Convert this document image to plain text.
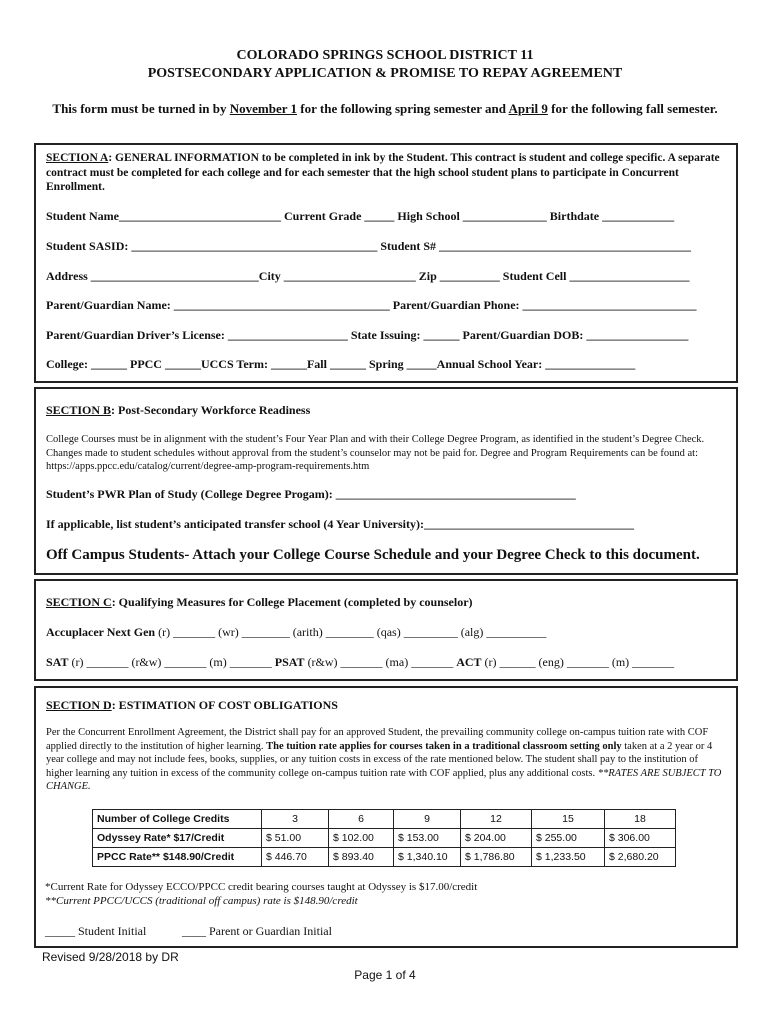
COLORADO SPRINGS SCHOOL DISTRICT 11
POSTSECONDARY APPLICATION & PROMISE TO REPAY AGREEMENT
This form must be turned in by November 1 for the following spring semester and April 9 for the following fall semester.
SECTION A: GENERAL INFORMATION to be completed in ink by the Student. This contract is student and college specific. A separate contract must be completed for each college and for each semester that the high school student plans to participate in Concurrent Enrollment.
Student Name___________________________ Current Grade _____ High School ______________ Birthdate ____________
Student SASID: _________________________________________ Student S# __________________________________________
Address ____________________________City ______________________ Zip __________ Student Cell ____________________
Parent/Guardian Name: ____________________________________ Parent/Guardian Phone: _____________________________
Parent/Guardian Driver’s License: ____________________ State Issuing: ______ Parent/Guardian DOB: _________________
College: ______ PPCC ______UCCS Term: ______Fall ______ Spring _____Annual School Year: _______________
SECTION B: Post-Secondary Workforce Readiness
College Courses must be in alignment with the student’s Four Year Plan and with their College Degree Program, as identified in the student’s Degree Check. Changes made to student schedules without approval from the student’s counselor may not be paid for. Degree and Program Requirements can be found at: https://apps.ppcc.edu/catalog/current/degree-amp-program-requirements.htm
Student’s PWR Plan of Study (College Degree Progam): ________________________________________
If applicable, list student’s anticipated transfer school (4 Year University):___________________________________
Off Campus Students- Attach your College Course Schedule and your Degree Check to this document.
SECTION C: Qualifying Measures for College Placement (completed by counselor)
Accuplacer Next Gen (r) _______ (wr) ________ (arith) ________ (qas) _________ (alg) __________
SAT (r) _______ (r&w) _______ (m) _______ PSAT (r&w) _______ (ma) _______ ACT (r) ______ (eng) _______ (m) _______
SECTION D: ESTIMATION OF COST OBLIGATIONS
Per the Concurrent Enrollment Agreement, the District shall pay for an approved Student, the prevailing community college on-campus tuition rate with COF applied directly to the institution of higher learning. The tuition rate applies for courses taken in a traditional classroom setting only taken at a 2 year or 4 year college and may not include fees, books, supplies, or any tuition costs in excess of the rate mentioned below. The student shall pay to the institution of higher learning any tuition in excess of the community college on-campus tuition rate with COF applied, plus any additional costs. **RATES ARE SUBJECT TO CHANGE.
Number of College Credits	3	6	9	12	15	18
Odyssey Rate* $17/Credit	$ 51.00	$ 102.00	$ 153.00	$ 204.00	$ 255.00	$ 306.00
PPCC Rate** $148.90/Credit	$ 446.70	$ 893.40	$ 1,340.10	$ 1,786.80	$ 1,233.50	$ 2,680.20
*Current Rate for Odyssey ECCO/PPCC credit bearing courses taught at Odyssey is $17.00/credit
**Current PPCC/UCCS (traditional off campus) rate is $148.90/credit
_____ Student Initial	____ Parent or Guardian Initial
Revised 9/28/2018 by DR
Page 1 of 4
